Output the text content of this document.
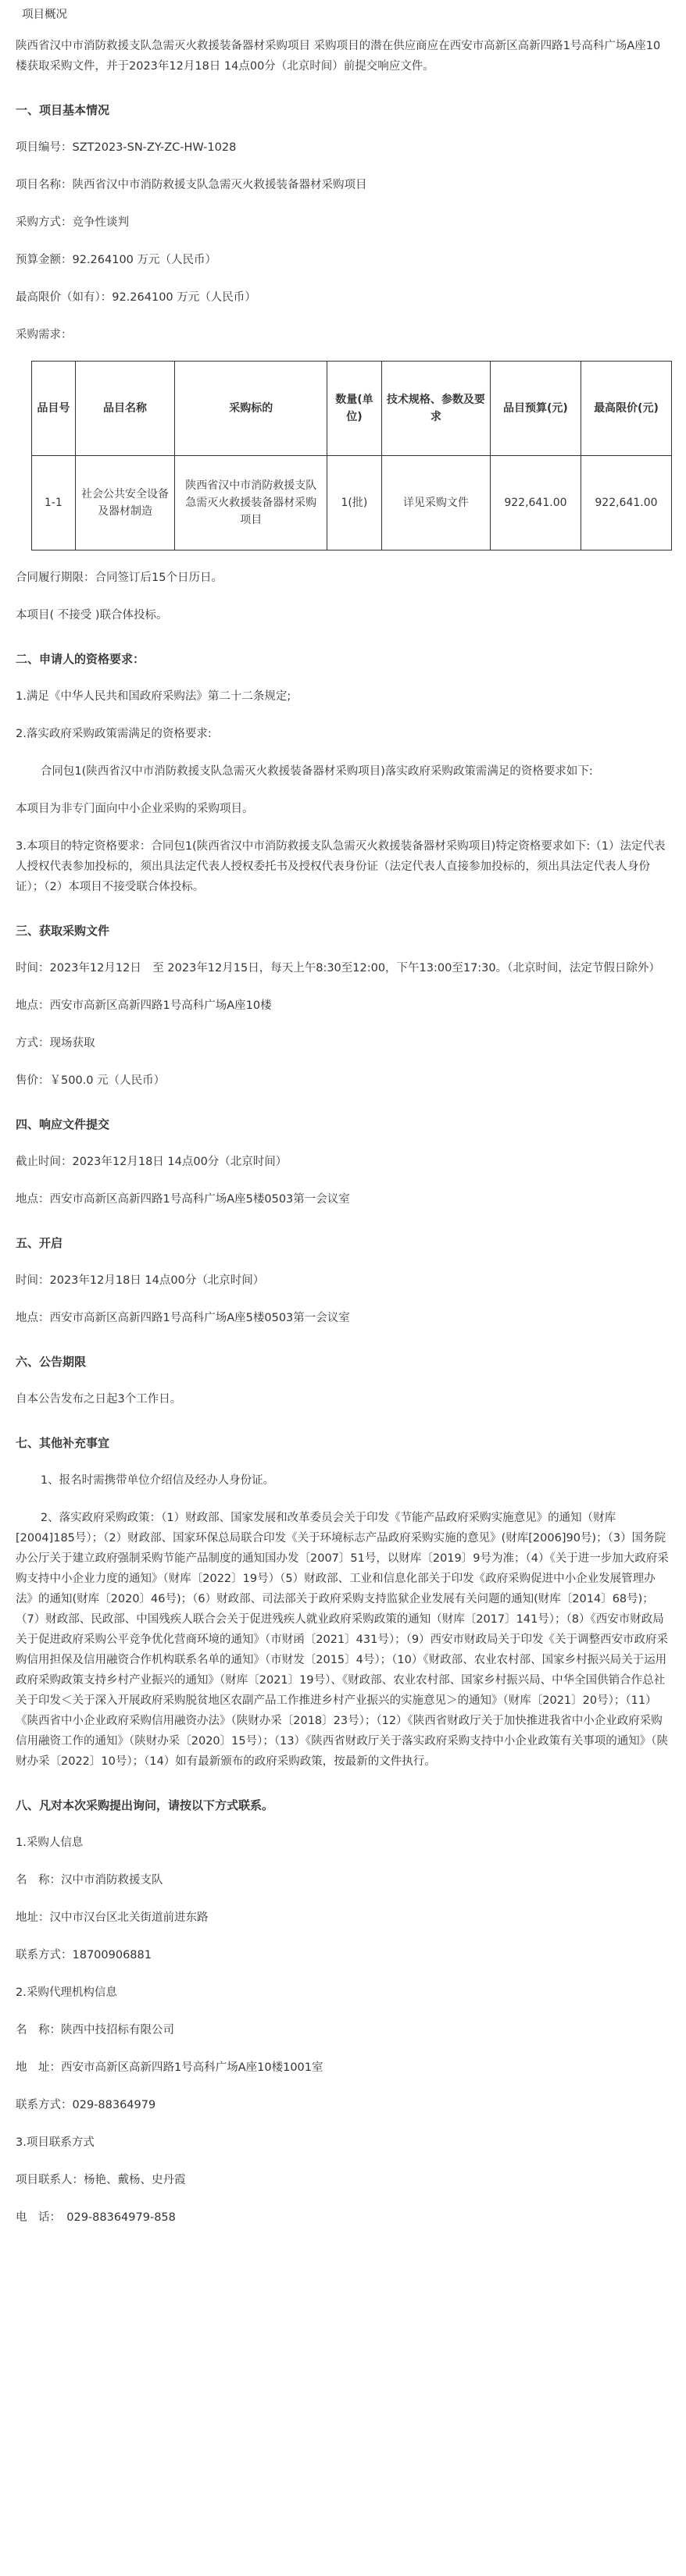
项目概况

陕西省汉中市消防救援支队急需灭火救援装备器材采购项目 采购项目的潜在供应商应在西安市高新区高新四路1号高科广场A座10楼获取采购文件，并于2023年12月18日 14点00分（北京时间）前提交响应文件。

一、项目基本情况

项目编号：SZT2023-SN-ZY-ZC-HW-1028

项目名称：陕西省汉中市消防救援支队急需灭火救援装备器材采购项目

采购方式：竞争性谈判

预算金额：92.264100 万元（人民币）

最高限价（如有）：92.264100 万元（人民币）

采购需求：

品目号	品目名称	采购标的	数量(单位)	技术规格、参数及要求	品目预算(元)	最高限价(元)
1-1	社会公共安全设备及器材制造	陕西省汉中市消防救援支队急需灭火救援装备器材采购项目	1(批)	详见采购文件	922,641.00	922,641.00

合同履行期限：合同签订后15个日历日。

本项目( 不接受 )联合体投标。

二、申请人的资格要求：

1.满足《中华人民共和国政府采购法》第二十二条规定;

2.落实政府采购政策需满足的资格要求:

合同包1(陕西省汉中市消防救援支队急需灭火救援装备器材采购项目)落实政府采购政策需满足的资格要求如下:

本项目为非专门面向中小企业采购的采购项目。

3.本项目的特定资格要求：合同包1(陕西省汉中市消防救援支队急需灭火救援装备器材采购项目)特定资格要求如下:（1）法定代表人授权代表参加投标的，须出具法定代表人授权委托书及授权代表身份证（法定代表人直接参加投标的，须出具法定代表人身份证）；（2）本项目不接受联合体投标。

三、获取采购文件

时间：2023年12月12日　至 2023年12月15日，每天上午8:30至12:00，下午13:00至17:30。（北京时间，法定节假日除外）

地点：西安市高新区高新四路1号高科广场A座10楼

方式：现场获取

售价：￥500.0 元（人民币）

四、响应文件提交

截止时间：2023年12月18日 14点00分（北京时间）

地点：西安市高新区高新四路1号高科广场A座5楼0503第一会议室

五、开启

时间：2023年12月18日 14点00分（北京时间）

地点：西安市高新区高新四路1号高科广场A座5楼0503第一会议室

六、公告期限

自本公告发布之日起3个工作日。

七、其他补充事宜

1、报名时需携带单位介绍信及经办人身份证。

2、落实政府采购政策：（1）财政部、国家发展和改革委员会关于印发《节能产品政府采购实施意见》的通知（财库[2004]185号）；（2）财政部、国家环保总局联合印发《关于环境标志产品政府采购实施的意见》(财库[2006]90号)；（3）国务院办公厅关于建立政府强制采购节能产品制度的通知国办发〔2007〕51号，以财库〔2019〕9号为准；（4）《关于进一步加大政府采购支持中小企业力度的通知》（财库〔2022〕19号）（5）财政部、工业和信息化部关于印发《政府采购促进中小企业发展管理办法》的通知(财库〔2020〕46号)；（6）财政部、司法部关于政府采购支持监狱企业发展有关问题的通知(财库〔2014〕68号)；（7）财政部、民政部、中国残疾人联合会关于促进残疾人就业政府采购政策的通知（财库〔2017〕141号）；（8）《西安市财政局关于促进政府采购公平竞争优化营商环境的通知》（市财函〔2021〕431号）；（9）西安市财政局关于印发《关于调整西安市政府采购信用担保及信用融资合作机构联系名单的通知》（市财发〔2015〕4号）；（10）《财政部、农业农村部、国家乡村振兴局关于运用政府采购政策支持乡村产业振兴的通知》（财库〔2021〕19号）、《财政部、农业农村部、国家乡村振兴局、中华全国供销合作总社关于印发＜关于深入开展政府采购脱贫地区农副产品工作推进乡村产业振兴的实施意见＞的通知》（财库〔2021〕20号）；（11）《陕西省中小企业政府采购信用融资办法》（陕财办采〔2018〕23号）；（12）《陕西省财政厅关于加快推进我省中小企业政府采购信用融资工作的通知》（陕财办采〔2020〕15号）；（13）《陕西省财政厅关于落实政府采购支持中小企业政策有关事项的通知》（陕财办采〔2022〕10号）；（14）如有最新颁布的政府采购政策，按最新的文件执行。

八、凡对本次采购提出询问，请按以下方式联系。

1.采购人信息

名　称：汉中市消防救援支队

地址：汉中市汉台区北关街道前进东路

联系方式：18700906881

2.采购代理机构信息

名　称：陕西中技招标有限公司

地　址：西安市高新区高新四路1号高科广场A座10楼1001室

联系方式：029-88364979

3.项目联系方式

项目联系人：杨艳、戴杨、史丹霞

电　话：　029-88364979-858
